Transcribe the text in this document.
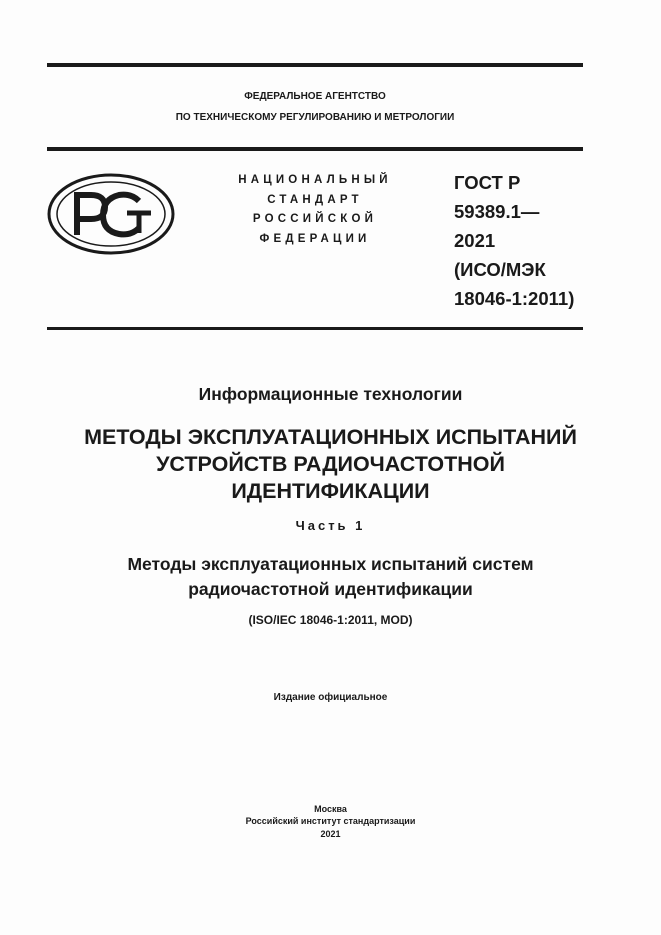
ФЕДЕРАЛЬНОЕ АГЕНТСТВО
ПО ТЕХНИЧЕСКОМУ РЕГУЛИРОВАНИЮ И МЕТРОЛОГИИ
НАЦИОНАЛЬНЫЙ
СТАНДАРТ
РОССИЙСКОЙ
ФЕДЕРАЦИИ
ГОСТ Р
59389.1—
2021
(ИСО/МЭК
18046-1:2011)
Информационные технологии
МЕТОДЫ ЭКСПЛУАТАЦИОННЫХ ИСПЫТАНИЙ
УСТРОЙСТВ РАДИОЧАСТОТНОЙ
ИДЕНТИФИКАЦИИ
Часть 1
Методы эксплуатационных испытаний систем
радиочастотной идентификации
(ISO/IEC 18046-1:2011, MOD)
Издание официальное
Москва
Российский институт стандартизации
2021
